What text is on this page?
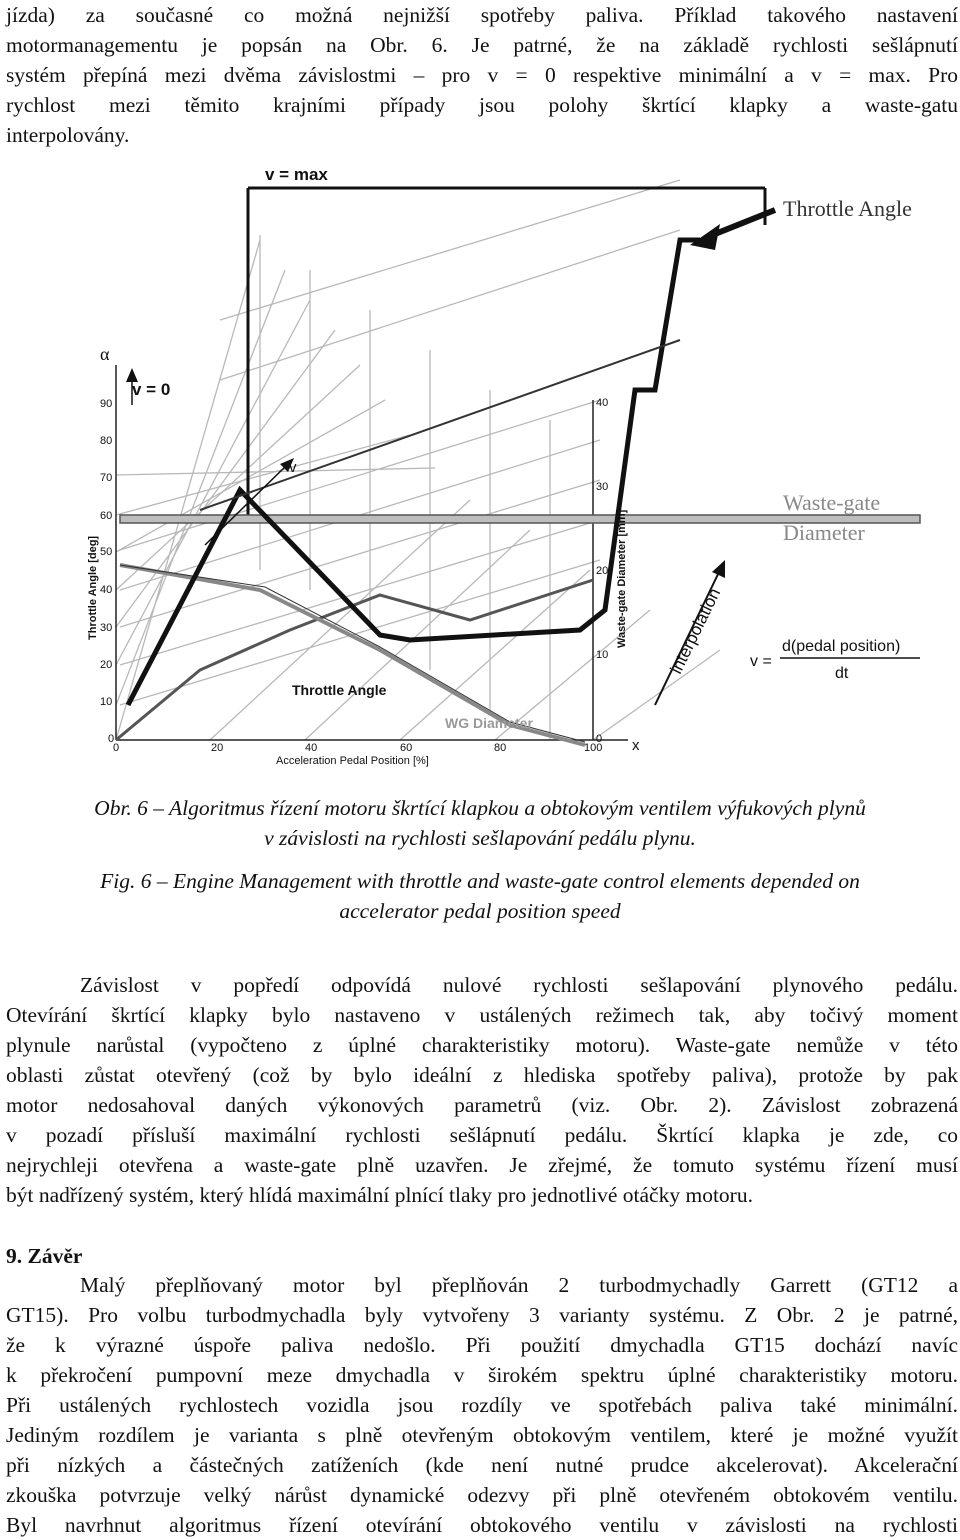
jízda) za současné co možná nejnižší spotřeby paliva. Příklad takového nastavení
motormanagementu je popsán na Obr. 6. Je patrné, že na základě rychlosti sešlápnutí
systém přepíná mezi dvěma závislostmi – pro v = 0 respektive minimální a v = max. Pro
rychlost mezi těmito krajními případy jsou polohy škrtící klapky a waste-gatu
interpolovány.
v = max
Throttle Angle
α
v = 0
v
Waste-gate
Diameter
interpolation v =
d(pedal position)
dt
Throttle Angle
WG Diameter
Throttle Angle [deg]	Waste-gate Diameter [mm]
Acceleration Pedal Position [%]
x
90
80
70
60
50
40
30
20
10
0
0	20	40	60	80	100
40
30
20
10
0
Obr. 6 – Algoritmus řízení motoru škrtící klapkou a obtokovým ventilem výfukových plynů
v závislosti na rychlosti sešlapování pedálu plynu.
Fig. 6 – Engine Management with throttle and waste-gate control elements depended on
accelerator pedal position speed
Závislost v popředí odpovídá nulové rychlosti sešlapování plynového pedálu.
Otevírání škrtící klapky bylo nastaveno v ustálených režimech tak, aby točivý moment
plynule narůstal (vypočteno z úplné charakteristiky motoru). Waste-gate nemůže v této
oblasti zůstat otevřený (což by bylo ideální z hlediska spotřeby paliva), protože by pak
motor nedosahoval daných výkonových parametrů (viz. Obr. 2). Závislost zobrazená
v pozadí přísluší maximální rychlosti sešlápnutí pedálu. Škrtící klapka je zde, co
nejrychleji otevřena a waste-gate plně uzavřen. Je zřejmé, že tomuto systému řízení musí
být nadřízený systém, který hlídá maximální plnící tlaky pro jednotlivé otáčky motoru.
9. Závěr
Malý přeplňovaný motor byl přeplňován 2 turbodmychadly Garrett (GT12 a
GT15). Pro volbu turbodmychadla byly vytvořeny 3 varianty systému. Z Obr. 2 je patrné,
že k výrazné úspoře paliva nedošlo. Při použití dmychadla GT15 dochází navíc
k překročení pumpovní meze dmychadla v širokém spektru úplné charakteristiky motoru.
Při ustálených rychlostech vozidla jsou rozdíly ve spotřebách paliva také minimální.
Jediným rozdílem je varianta s plně otevřeným obtokovým ventilem, které je možné využít
při nízkých a částečných zatíženích (kde není nutné prudce akcelerovat). Akcelerační
zkouška potvrzuje velký nárůst dynamické odezvy při plně otevřeném obtokovém ventilu.
Byl navrhnut algoritmus řízení otevírání obtokového ventilu v závislosti na rychlosti
